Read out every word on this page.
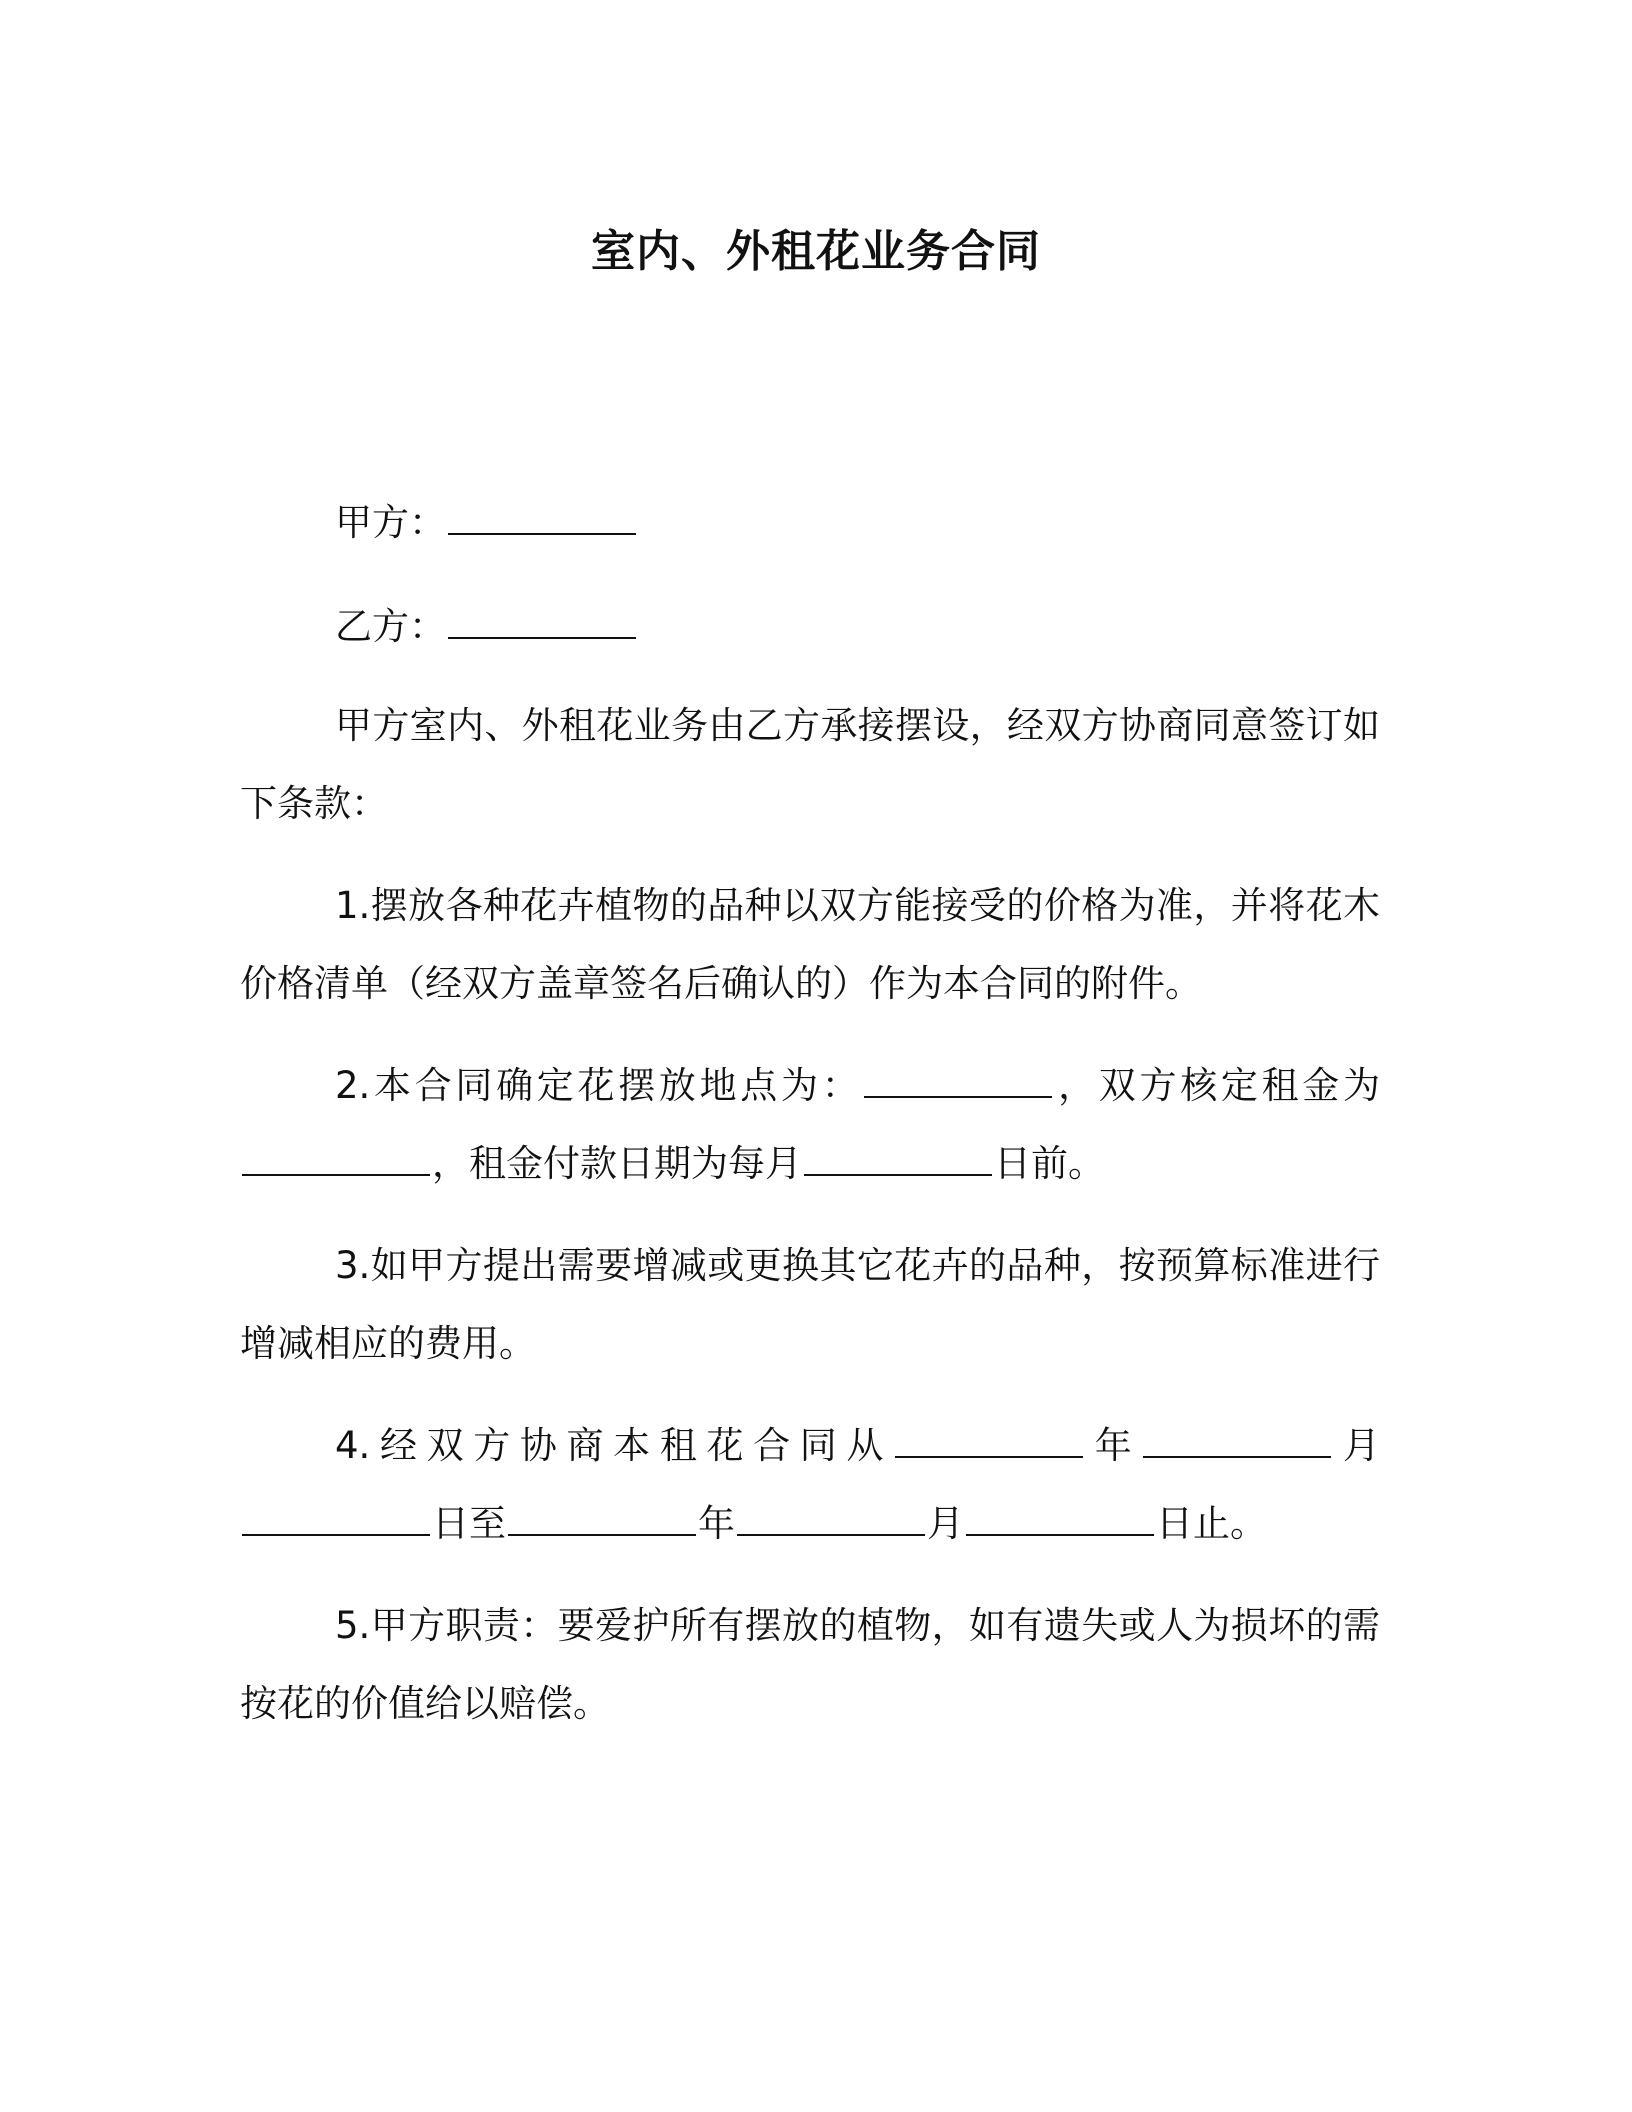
室内、外租花业务合同
甲方：
乙方：
甲方室内、外租花业务由乙方承接摆设，经双方协商同意签订如下条款：
1.摆放各种花卉植物的品种以双方能接受的价格为准，并将花木价格清单（经双方盖章签名后确认的）作为本合同的附件。
2.本合同确定花摆放地点为：	，双方核定租金为，租金付款日期为每月	日前。
3.如甲方提出需要增减或更换其它花卉的品种，按预算标准进行增减相应的费用。
4.经双方协商本租花合同从	年	月日至	年	月	日止。
5.甲方职责：要爱护所有摆放的植物，如有遗失或人为损坏的需按花的价值给以赔偿。
